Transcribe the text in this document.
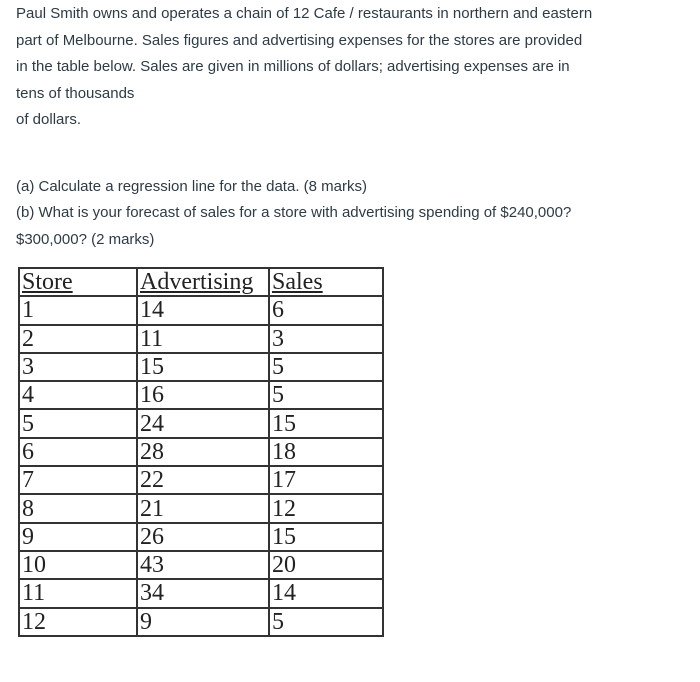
Paul Smith owns and operates a chain of 12 Cafe / restaurants in northern and eastern
part of Melbourne. Sales figures and advertising expenses for the stores are provided
in the table below. Sales are given in millions of dollars; advertising expenses are in
tens of thousands
of dollars.
(a) Calculate a regression line for the data. (8 marks)
(b) What is your forecast of sales for a store with advertising spending of $240,000?
$300,000? (2 marks)
Store	Advertising	Sales
1	14	6
2	11	3
3	15	5
4	16	5
5	24	15
6	28	18
7	22	17
8	21	12
9	26	15
10	43	20
11	34	14
12	9	5
